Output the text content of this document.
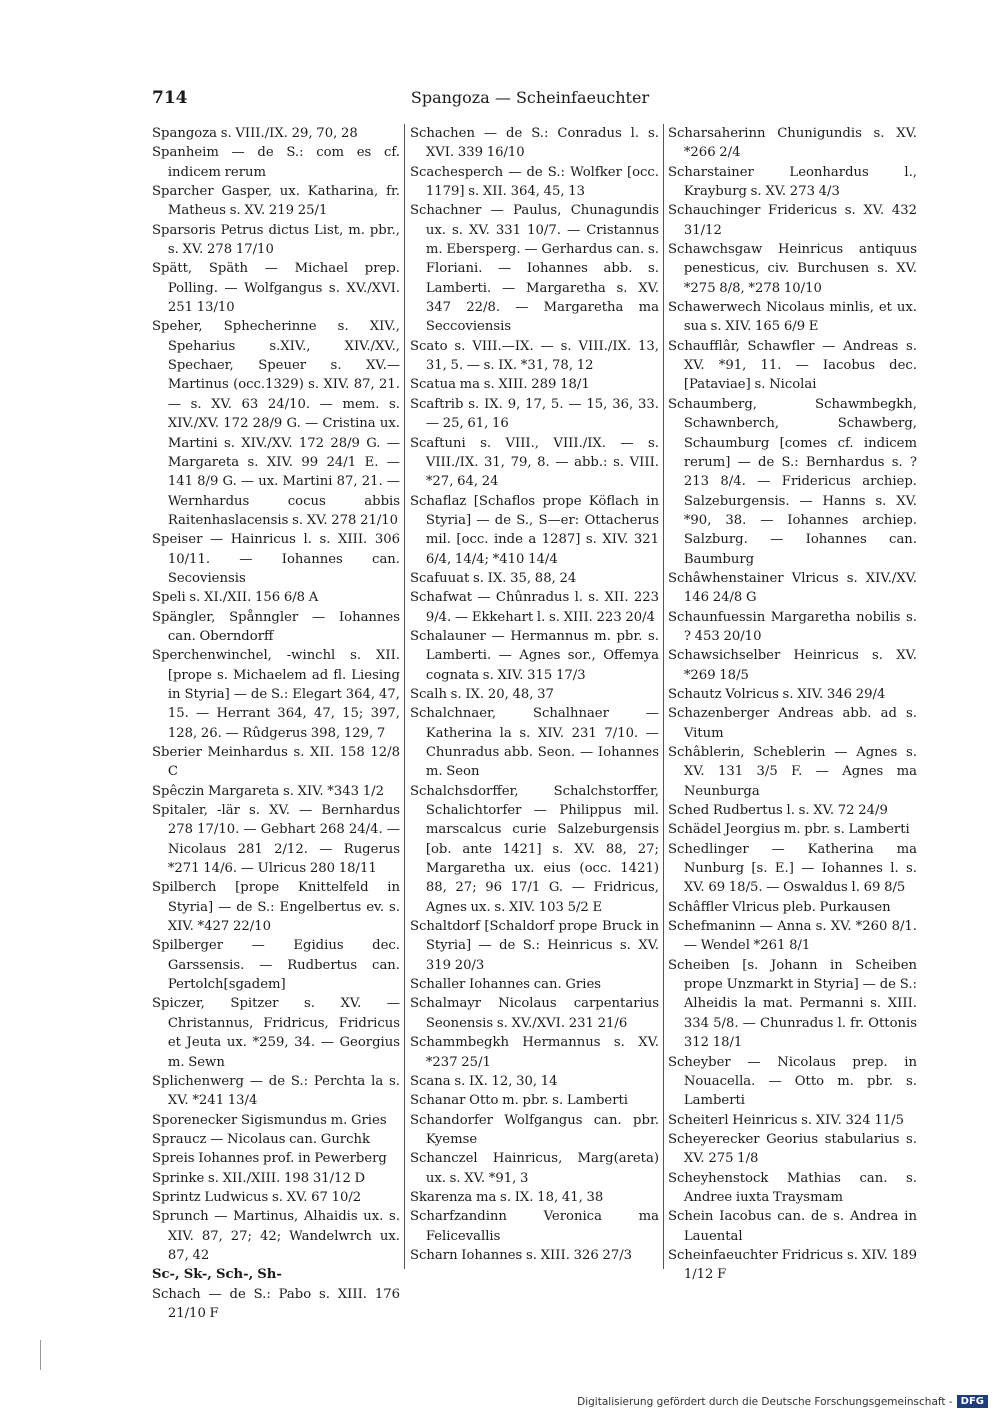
714	Spangoza — Scheinfaeuchter

Spangoza s. VIII./IX. 29, 70, 28

Spanheim — de S.: com es cf. indicem rerum

Sparcher Gasper, ux. Katharina, fr. Matheus s. XV. 219 25/1

Sparsoris Petrus dictus List, m. pbr., s. XV. 278 17/10

Spätt, Späth — Michael prep. Polling. — Wolfgangus s. XV./XVI. 251 13/10

Speher, Sphecherinne s. XIV., Speharius s.XIV., XIV./XV., Spechaer, Speuer s. XV.— Martinus (occ.1329) s. XIV. 87, 21. — s. XV. 63 24/10. — mem. s. XIV./XV. 172 28/9 G. — Cristina ux. Martini s. XIV./XV. 172 28/9 G. — Margareta s. XIV. 99 24/1 E. — 141 8/9 G. — ux. Martini 87, 21. — Wernhardus cocus abbis Raitenhaslacensis s. XV. 278 21/10

Speiser — Hainricus l. s. XIII. 306 10/11. — Iohannes can. Secoviensis

Speli s. XI./XII. 156 6/8 A

Spängler, Spånngler — Iohannes can. Oberndorff

Sperchenwinchel, -winchl s. XII. [prope s. Michaelem ad fl. Liesing in Styria] — de S.: Elegart 364, 47, 15. — Herrant 364, 47, 15; 397, 128, 26. — Rûdgerus 398, 129, 7

Sberier Meinhardus s. XII. 158 12/8 C

Spêczin Margareta s. XIV. *343 1/2

Spitaler, -lär s. XV. — Bernhardus 278 17/10. — Gebhart 268 24/4. — Nicolaus 281 2/12. — Rugerus *271 14/6. — Ulricus 280 18/11

Spilberch [prope Knittelfeld in Styria] — de S.: Engelbertus ev. s. XIV. *427 22/10

Spilberger — Egidius dec. Garssensis. — Rudbertus can. Pertolch[sgadem]

Spiczer, Spitzer s. XV. — Christannus, Fridricus, Fridricus et Jeuta ux. *259, 34. — Georgius m. Sewn

Splichenwerg — de S.: Perchta la s. XV. *241 13/4

Sporenecker Sigismundus m. Gries

Spraucz — Nicolaus can. Gurchk

Spreis Iohannes prof. in Pewerberg

Sprinke s. XII./XIII. 198 31/12 D

Sprintz Ludwicus s. XV. 67 10/2

Sprunch — Martinus, Alhaidis ux. s. XIV. 87, 27; 42; Wandelwrch ux. 87, 42

Sc-, Sk-, Sch-, Sh-

Schach — de S.: Pabo s. XIII. 176 21/10 F

Schachen — de S.: Conradus l. s. XVI. 339 16/10

Scachesperch — de S.: Wolfker [occ. 1179] s. XII. 364, 45, 13

Schachner — Paulus, Chunagundis ux. s. XV. 331 10/7. — Cristannus m. Ebersperg. — Gerhardus can. s. Floriani. — Iohannes abb. s. Lamberti. — Margaretha s. XV. 347 22/8. — Margaretha ma Seccoviensis

Scato s. VIII.—IX. — s. VIII./IX. 13, 31, 5. — s. IX. *31, 78, 12

Scatua ma s. XIII. 289 18/1

Scaftrib s. IX. 9, 17, 5. — 15, 36, 33. — 25, 61, 16

Scaftuni s. VIII., VIII./IX. — s. VIII./IX. 31, 79, 8. — abb.: s. VIII. *27, 64, 24

Schaflaz [Schaflos prope Köflach in Styria] — de S., S—er: Ottacherus mil. [occ. inde a 1287] s. XIV. 321 6/4, 14/4; *410 14/4

Scafuuat s. IX. 35, 88, 24

Schafwat — Chûnradus l. s. XII. 223 9/4. — Ekkehart l. s. XIII. 223 20/4

Schalauner — Hermannus m. pbr. s. Lamberti. — Agnes sor., Offemya cognata s. XIV. 315 17/3

Scalh s. IX. 20, 48, 37

Schalchnaer, Schalhnaer — Katherina la s. XIV. 231 7/10. — Chunradus abb. Seon. — Iohannes m. Seon

Schalchsdorffer, Schalchstorffer, Schalichtorfer — Philippus mil. marscalcus curie Salzeburgensis [ob. ante 1421] s. XV. 88, 27; Margaretha ux. eius (occ. 1421) 88, 27; 96 17/1 G. — Fridricus, Agnes ux. s. XIV. 103 5/2 E

Schaltdorf [Schaldorf prope Bruck in Styria] — de S.: Heinricus s. XV. 319 20/3

Schaller Iohannes can. Gries

Schalmayr Nicolaus carpentarius Seonensis s. XV./XVI. 231 21/6

Schammbegkh Hermannus s. XV. *237 25/1

Scana s. IX. 12, 30, 14

Schanar Otto m. pbr. s. Lamberti

Schandorfer Wolfgangus can. pbr. Kyemse

Schanczel Hainricus, Marg(areta) ux. s. XV. *91, 3

Skarenza ma s. IX. 18, 41, 38

Scharfzandinn Veronica ma Felicevallis

Scharn Iohannes s. XIII. 326 27/3

Scharsaherinn Chunigundis s. XV. *266 2/4

Scharstainer Leonhardus l., Krayburg s. XV. 273 4/3

Schauchinger Fridericus s. XV. 432 31/12

Schawchsgaw Heinricus antiquus penesticus, civ. Burchusen s. XV. *275 8/8, *278 10/10

Schawerwech Nicolaus minlis, et ux. sua s. XIV. 165 6/9 E

Schaufflâr, Schawfler — Andreas s. XV. *91, 11. — Iacobus dec. [Pataviae] s. Nicolai

Schaumberg, Schawmbegkh, Schawnberch, Schawberg, Schaumburg [comes cf. indicem rerum] — de S.: Bernhardus s. ? 213 8/4. — Fridericus archiep. Salzeburgensis. — Hanns s. XV. *90, 38. — Iohannes archiep. Salzburg. — Iohannes can. Baumburg

Schâwhenstainer Vlricus s. XIV./XV. 146 24/8 G

Schaunfuessin Margaretha nobilis s. ? 453 20/10

Schawsichselber Heinricus s. XV. *269 18/5

Schautz Volricus s. XIV. 346 29/4

Schazenberger Andreas abb. ad s. Vitum

Schâblerin, Scheblerin — Agnes s. XV. 131 3/5 F. — Agnes ma Neunburga

Sched Rudbertus l. s. XV. 72 24/9

Schädel Jeorgius m. pbr. s. Lamberti

Schedlinger — Katherina ma Nunburg [s. E.] — Iohannes l. s. XV. 69 18/5. — Oswaldus l. 69 8/5

Schâffler Vlricus pleb. Purkausen

Schefmaninn — Anna s. XV. *260 8/1. — Wendel *261 8/1

Scheiben [s. Johann in Scheiben prope Unzmarkt in Styria] — de S.: Alheidis la mat. Permanni s. XIII. 334 5/8. — Chunradus l. fr. Ottonis 312 18/1

Scheyber — Nicolaus prep. in Nouacella. — Otto m. pbr. s. Lamberti

Scheiterl Heinricus s. XIV. 324 11/5

Scheyerecker Georius stabularius s. XV. 275 1/8

Scheyhenstock Mathias can. s. Andree iuxta Traysmam

Schein Iacobus can. de s. Andrea in Lauental

Scheinfaeuchter Fridricus s. XIV. 189 1/12 F

Digitalisierung gefördert durch die Deutsche Forschungsgemeinschaft - DFG
